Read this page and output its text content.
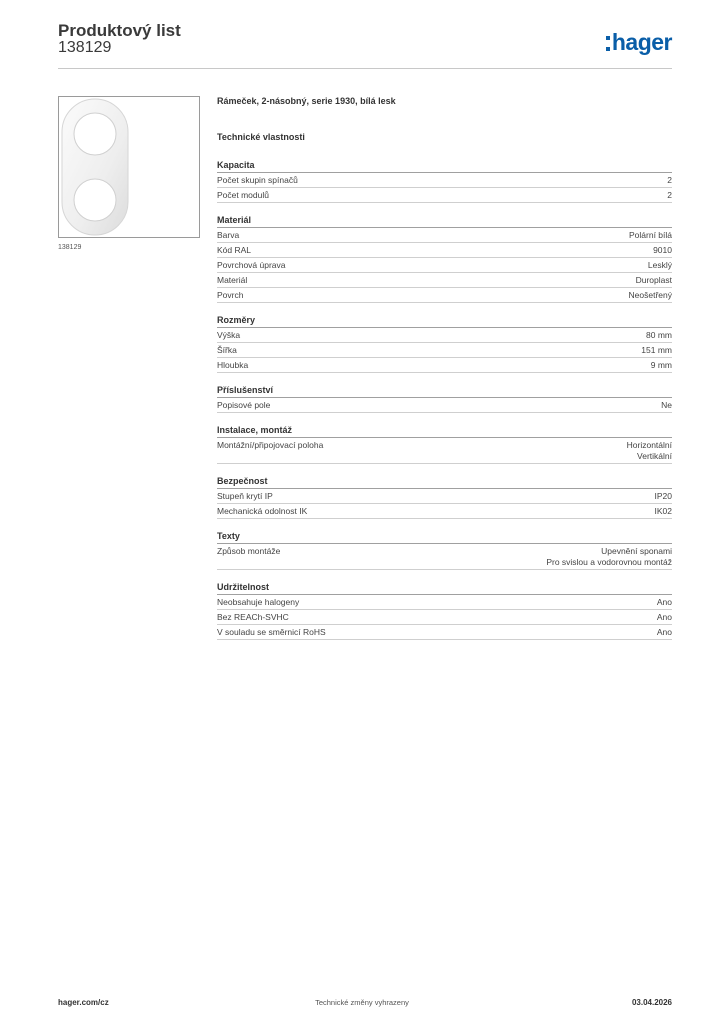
Produktový list
138129	hager
138129
Rámeček, 2-násobný, serie 1930, bílá lesk
Technické vlastnosti
Kapacita
Počet skupin spínačů	2
Počet modulů	2
Materiál
Barva	Polární bílá
Kód RAL	9010
Povrchová úprava	Lesklý
Materiál	Duroplast
Povrch	Neošetřený
Rozměry
Výška	80 mm
Šířka	151 mm
Hloubka	9 mm
Příslušenství
Popisové pole	Ne
Instalace, montáž
Montážní/připojovací poloha	Horizontální
Vertikální
Bezpečnost
Stupeň krytí IP	IP20
Mechanická odolnost IK	IK02
Texty
Způsob montáže	Upevnění sponami
Pro svislou a vodorovnou montáž
Udržitelnost
Neobsahuje halogeny	Ano
Bez REACh-SVHC	Ano
V souladu se směrnicí RoHS	Ano
hager.com/cz	Technické změny vyhrazeny	03.04.2026
